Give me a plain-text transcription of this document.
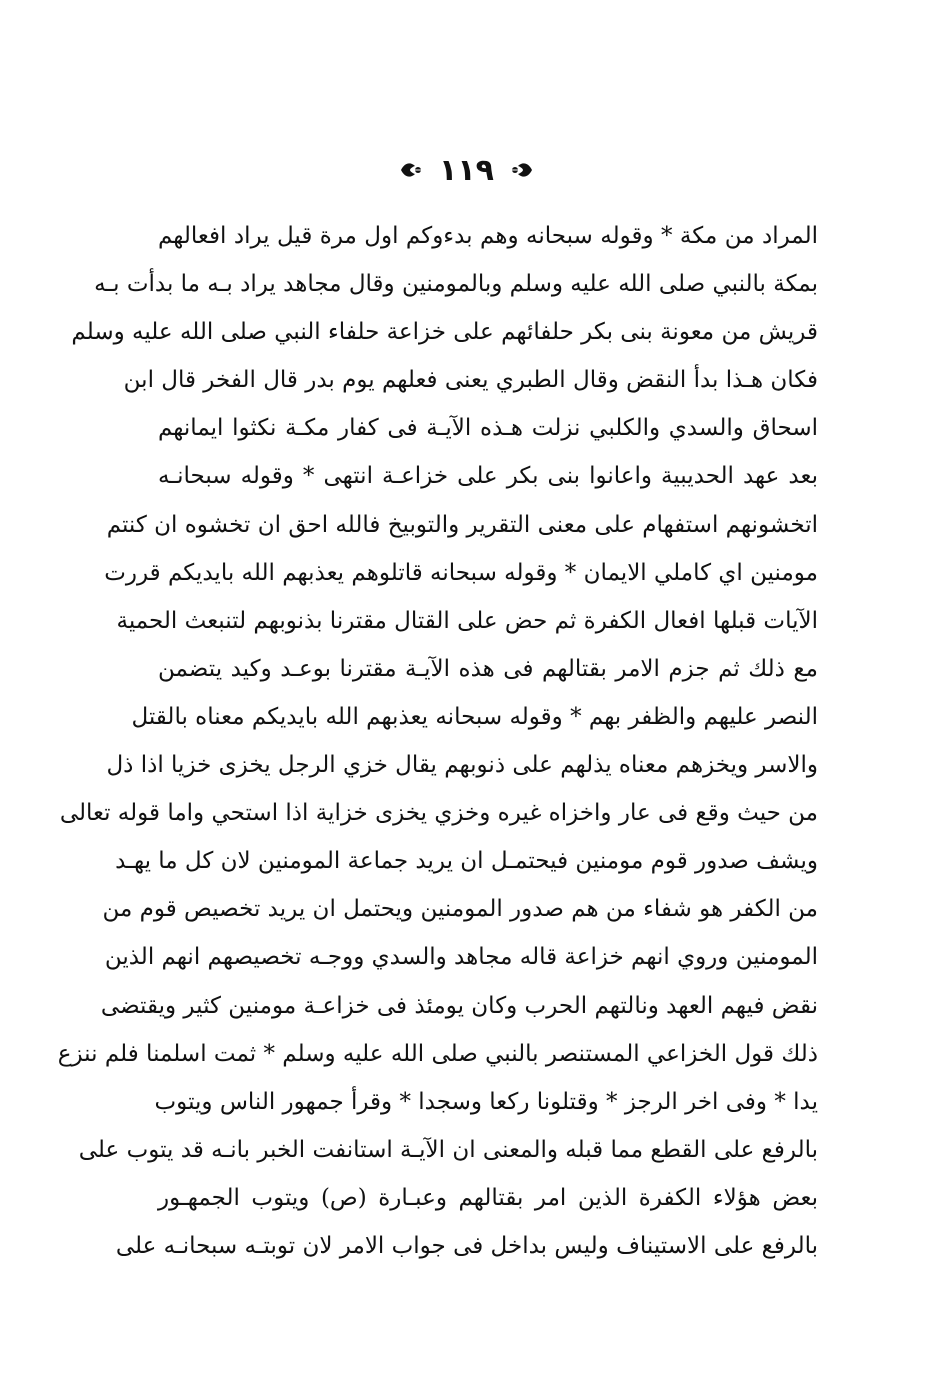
١١٩
المراد من مكة * وقوله سبحانه وهم بدءوكم اول مرة قيل يراد افعالهم
بمكة بالنبي صلى الله عليه وسلم وبالمومنين وقال مجاهد يراد بـه ما بدأت بـه
قريش من معونة بنى بكر حلفائهم على خزاعة حلفاء النبي صلى الله عليه وسلم
فكان هـذا بدأ النقض وقال الطبري يعنى فعلهم يوم بدر قال الفخر قال ابن
اسحاق والسدي والكلبي نزلت هـذه الآيـة فى كفار مكـة نكثوا ايمانهم
بعد عهد الحديبية واعانوا بنى بكر على خزاعـة انتهى * وقوله سبحانـه
اتخشونهم استفهام على معنى التقرير والتوبيخ فالله احق ان تخشوه ان كنتم
مومنين اي كاملي الايمان * وقوله سبحانه قاتلوهم يعذبهم الله بايديكم قررت
الآيات قبلها افعال الكفرة ثم حض على القتال مقترنا بذنوبهم لتنبعث الحمية
مع ذلك ثم جزم الامر بقتالهم فى هذه الآيـة مقترنا بوعـد وكيد يتضمن
النصر عليهم والظفر بهم * وقوله سبحانه يعذبهم الله بايديكم معناه بالقتل
والاسر ويخزهم معناه يذلهم على ذنوبهم يقال خزي الرجل يخزى خزيا اذا ذل
من حيث وقع فى عار واخزاه غيره وخزي يخزى خزاية اذا استحي واما قوله تعالى
ويشف صدور قوم مومنين فيحتمـل ان يريد جماعة المومنين لان كل ما يهـد
من الكفر هو شفاء من هم صدور المومنين ويحتمل ان يريد تخصيص قوم من
المومنين وروي انهم خزاعة قاله مجاهد والسدي ووجـه تخصيصهم انهم الذين
نقض فيهم العهد ونالتهم الحرب وكان يومئذ فى خزاعـة مومنين كثير ويقتضى
ذلك قول الخزاعي المستنصر بالنبي صلى الله عليه وسلم * ثمت اسلمنا فلم ننزع
يدا * وفى اخر الرجز * وقتلونا ركعا وسجدا * وقرأ جمهور الناس ويتوب
بالرفع على القطع مما قبله والمعنى ان الآيـة استانفت الخبر بانـه قد يتوب على
بعض هؤلاء الكفرة الذين امر بقتالهم وعبـارة (ص) ويتوب الجمهـور
بالرفع على الاستيناف وليس بداخل فى جواب الامر لان توبتـه سبحانـه على
